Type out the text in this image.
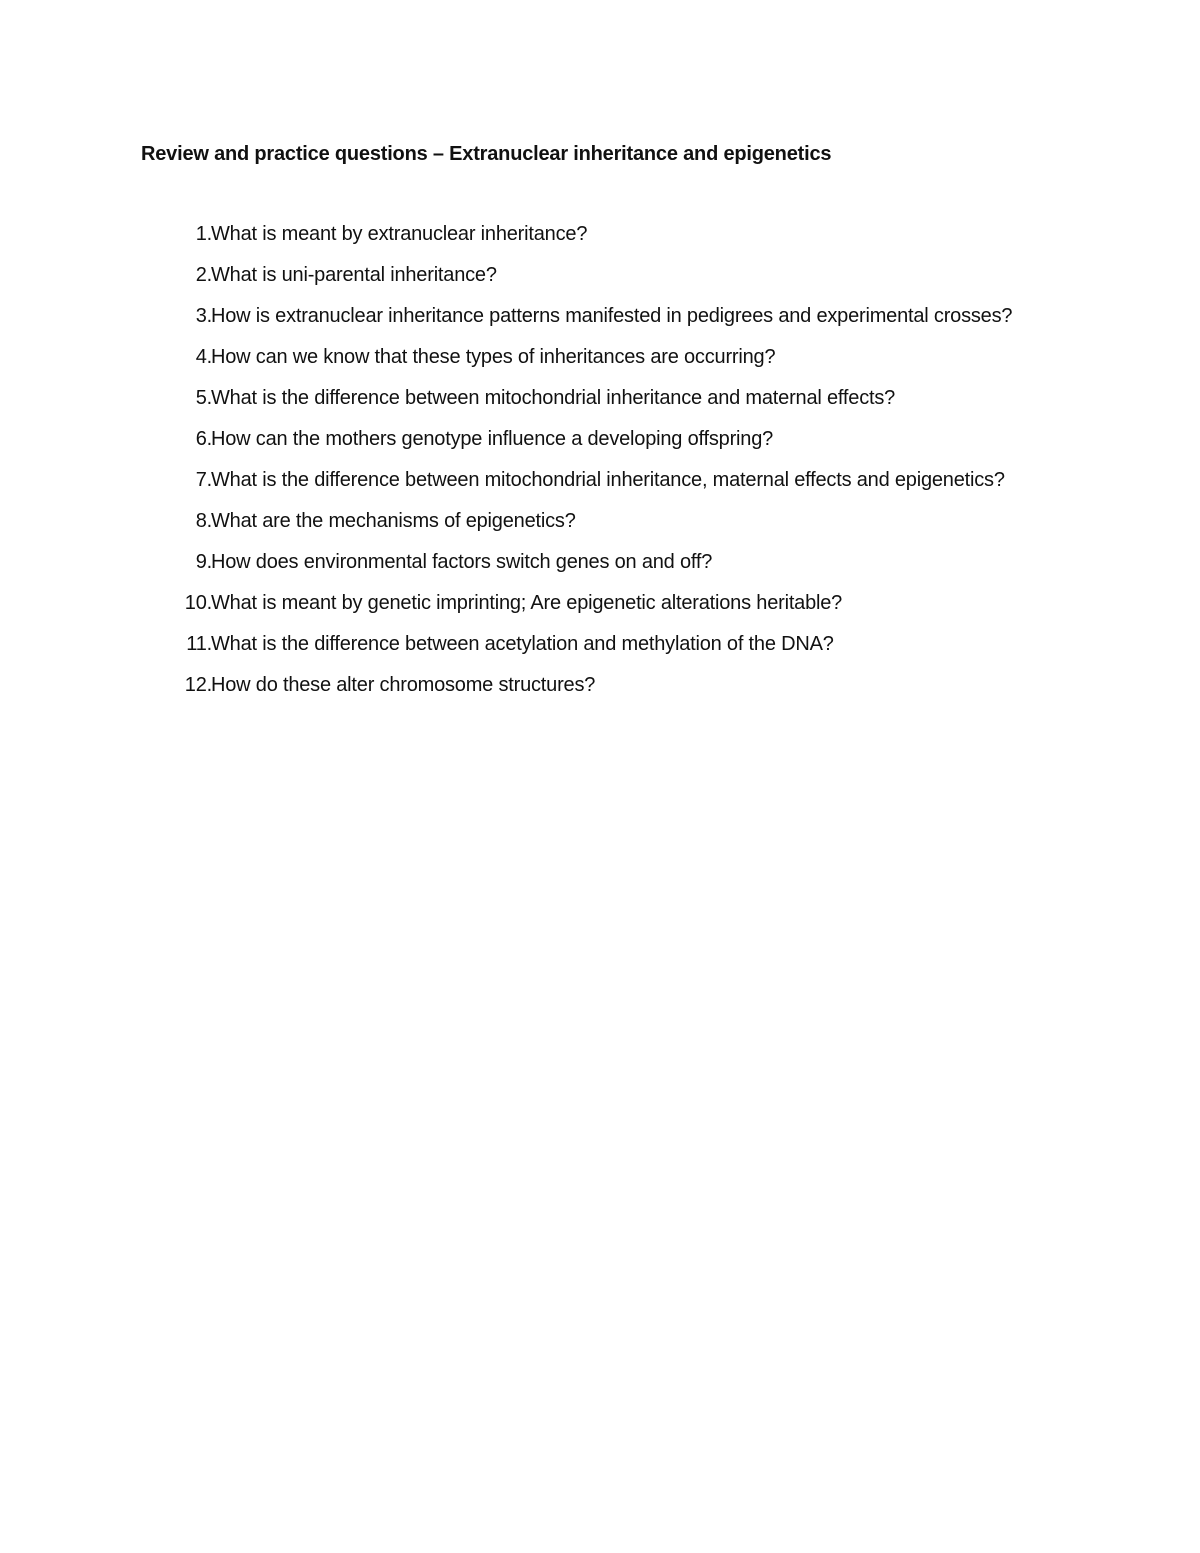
Review and practice questions – Extranuclear inheritance and epigenetics
1. What is meant by extranuclear inheritance?
2. What is uni-parental inheritance?
3. How is extranuclear inheritance patterns manifested in pedigrees and experimental crosses?
4. How can we know that these types of inheritances are occurring?
5. What is the difference between mitochondrial inheritance and maternal effects?
6. How can the mothers genotype influence a developing offspring?
7. What is the difference between mitochondrial inheritance, maternal effects and epigenetics?
8. What are the mechanisms of epigenetics?
9. How does environmental factors switch genes on and off?
10. What is meant by genetic imprinting; Are epigenetic alterations heritable?
11. What is the difference between acetylation and methylation of the DNA?
12. How do these alter chromosome structures?
